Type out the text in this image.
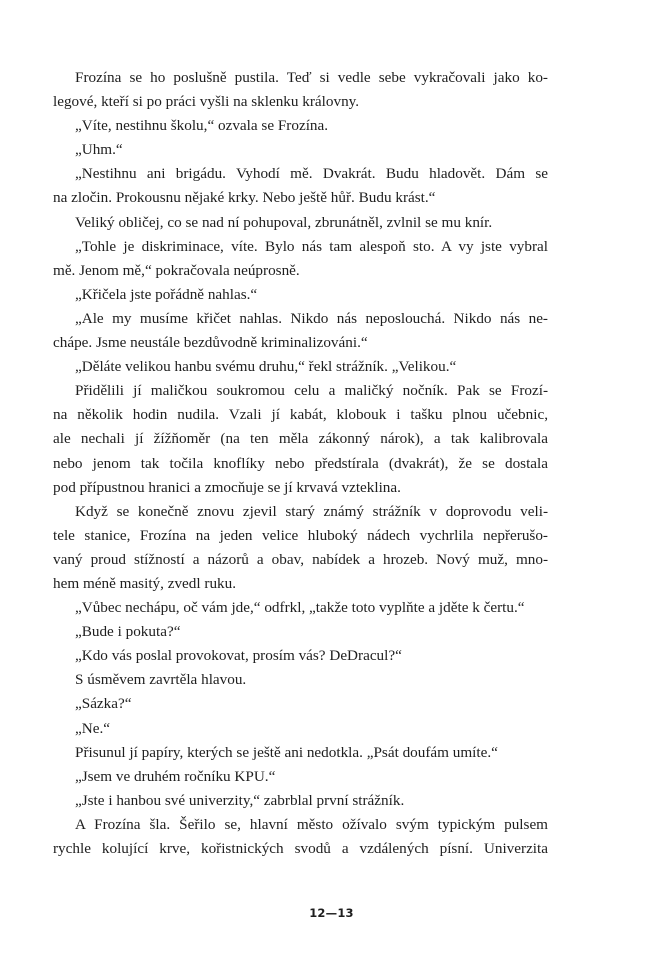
Frozína se ho poslušně pustila. Teď si vedle sebe vykračovali jako ko-
legové, kteří si po práci vyšli na sklenku královny.
„Víte, nestihnu školu,“ ozvala se Frozína.
„Uhm.“
„Nestihnu ani brigádu. Vyhodí mě. Dvakrát. Budu hladovět. Dám se
na zločin. Prokousnu nějaké krky. Nebo ještě hůř. Budu krást.“
Veliký obličej, co se nad ní pohupoval, zbrunátněl, zvlnil se mu knír.
„Tohle je diskriminace, víte. Bylo nás tam alespoň sto. A vy jste vybral
mě. Jenom mě,“ pokračovala neúprosně.
„Křičela jste pořádně nahlas.“
„Ale my musíme křičet nahlas. Nikdo nás neposlouchá. Nikdo nás ne-
chápe. Jsme neustále bezdůvodně kriminalizováni.“
„Děláte velikou hanbu svému druhu,“ řekl strážník. „Velikou.“
Přidělili jí maličkou soukromou celu a maličký nočník. Pak se Frozí-
na několik hodin nudila. Vzali jí kabát, klobouk i tašku plnou učebnic,
ale nechali jí žížňoměr (na ten měla zákonný nárok), a tak kalibrovala
nebo jenom tak točila knoflíky nebo předstírala (dvakrát), že se dostala
pod přípustnou hranici a zmocňuje se jí krvavá vzteklina.
Když se konečně znovu zjevil starý známý strážník v doprovodu veli-
tele stanice, Frozína na jeden velice hluboký nádech vychrlila nepřerušo-
vaný proud stížností a názorů a obav, nabídek a hrozeb. Nový muž, mno-
hem méně masitý, zvedl ruku.
„Vůbec nechápu, oč vám jde,“ odfrkl, „takže toto vyplňte a jděte k čertu.“
„Bude i pokuta?“
„Kdo vás poslal provokovat, prosím vás? DeDracul?“
S úsměvem zavrtěla hlavou.
„Sázka?“
„Ne.“
Přisunul jí papíry, kterých se ještě ani nedotkla. „Psát doufám umíte.“
„Jsem ve druhém ročníku KPU.“
„Jste i hanbou své univerzity,“ zabrblal první strážník.
A Frozína šla. Šeřilo se, hlavní město ožívalo svým typickým pulsem
rychle kolující krve, kořistnických svodů a vzdálených písní. Univerzita
12—13
